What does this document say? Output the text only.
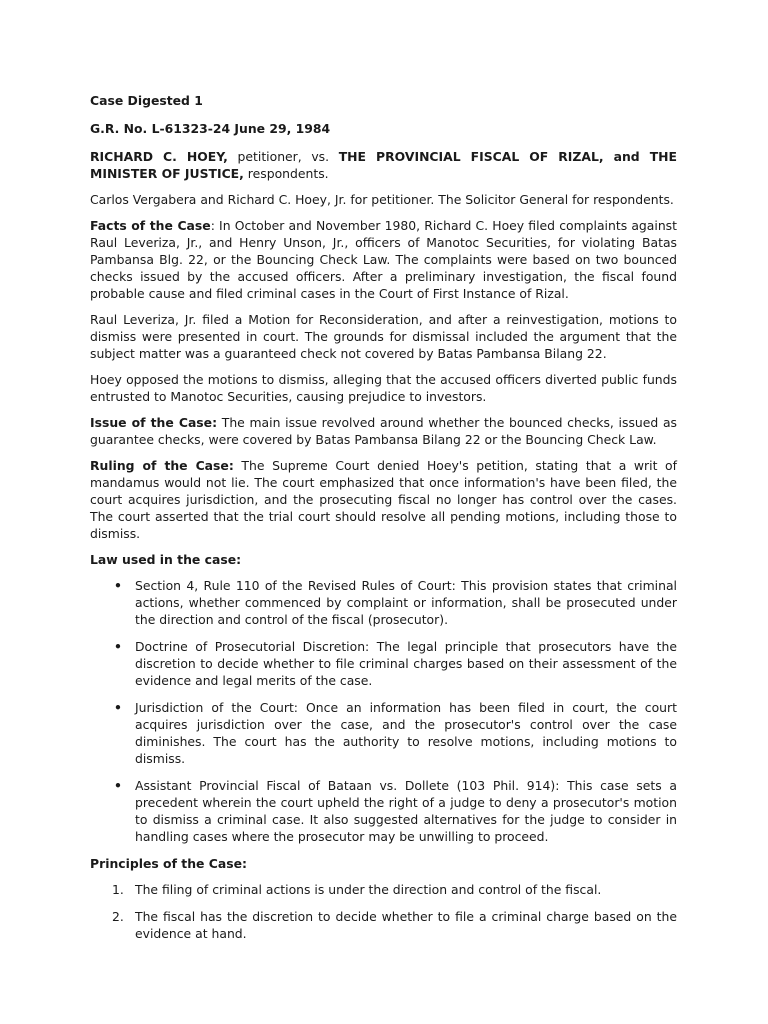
Case Digested 1

G.R. No. L-61323-24 June 29, 1984

RICHARD C. HOEY, petitioner, vs. THE PROVINCIAL FISCAL OF RIZAL, and THE MINISTER OF JUSTICE, respondents.

Carlos Vergabera and Richard C. Hoey, Jr. for petitioner. The Solicitor General for respondents.

Facts of the Case: In October and November 1980, Richard C. Hoey filed complaints against Raul Leveriza, Jr., and Henry Unson, Jr., officers of Manotoc Securities, for violating Batas Pambansa Blg. 22, or the Bouncing Check Law. The complaints were based on two bounced checks issued by the accused officers. After a preliminary investigation, the fiscal found probable cause and filed criminal cases in the Court of First Instance of Rizal.

Raul Leveriza, Jr. filed a Motion for Reconsideration, and after a reinvestigation, motions to dismiss were presented in court. The grounds for dismissal included the argument that the subject matter was a guaranteed check not covered by Batas Pambansa Bilang 22.

Hoey opposed the motions to dismiss, alleging that the accused officers diverted public funds entrusted to Manotoc Securities, causing prejudice to investors.

Issue of the Case: The main issue revolved around whether the bounced checks, issued as guarantee checks, were covered by Batas Pambansa Bilang 22 or the Bouncing Check Law.

Ruling of the Case: The Supreme Court denied Hoey's petition, stating that a writ of mandamus would not lie. The court emphasized that once information's have been filed, the court acquires jurisdiction, and the prosecuting fiscal no longer has control over the cases. The court asserted that the trial court should resolve all pending motions, including those to dismiss.

Law used in the case:

• Section 4, Rule 110 of the Revised Rules of Court: This provision states that criminal actions, whether commenced by complaint or information, shall be prosecuted under the direction and control of the fiscal (prosecutor).
• Doctrine of Prosecutorial Discretion: The legal principle that prosecutors have the discretion to decide whether to file criminal charges based on their assessment of the evidence and legal merits of the case.
• Jurisdiction of the Court: Once an information has been filed in court, the court acquires jurisdiction over the case, and the prosecutor's control over the case diminishes. The court has the authority to resolve motions, including motions to dismiss.
• Assistant Provincial Fiscal of Bataan vs. Dollete (103 Phil. 914): This case sets a precedent wherein the court upheld the right of a judge to deny a prosecutor's motion to dismiss a criminal case. It also suggested alternatives for the judge to consider in handling cases where the prosecutor may be unwilling to proceed.

Principles of the Case:

1. The filing of criminal actions is under the direction and control of the fiscal.
2. The fiscal has the discretion to decide whether to file a criminal charge based on the evidence at hand.
